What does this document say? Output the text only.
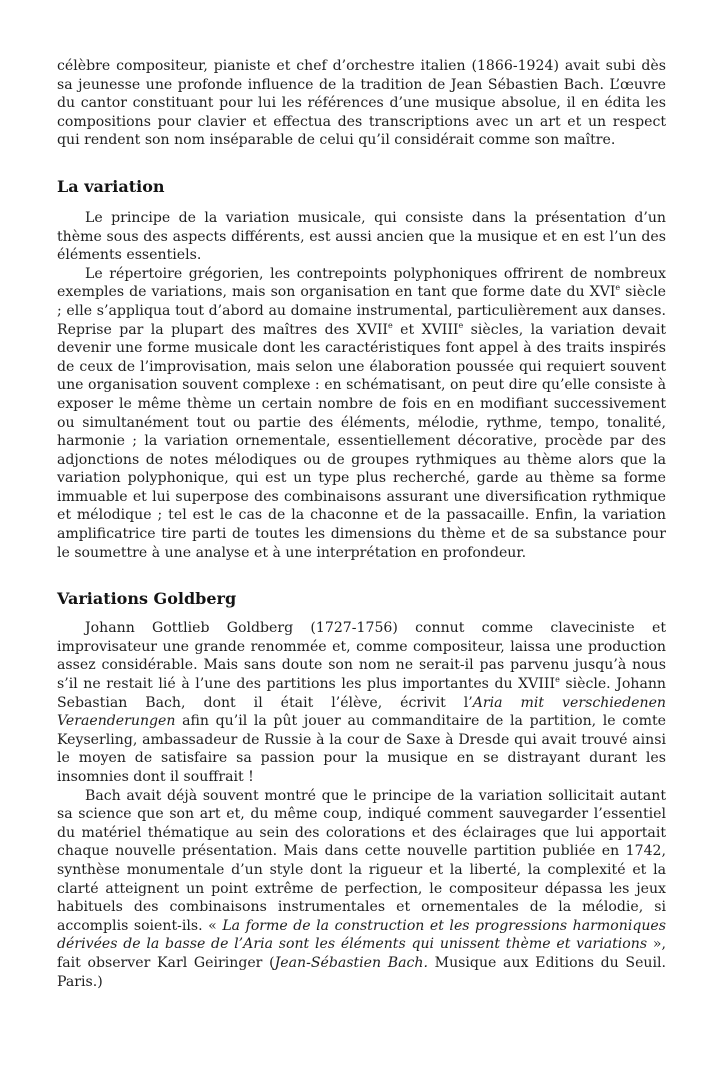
célèbre compositeur, pianiste et chef d’orchestre italien (1866-1924) avait subi dès sa jeunesse une profonde influence de la tradition de Jean Sébastien Bach. L’œuvre du cantor constituant pour lui les références d’une musique absolue, il en édita les compositions pour clavier et effectua des transcriptions avec un art et un respect qui rendent son nom inséparable de celui qu’il considérait comme son maître.

La variation

Le principe de la variation musicale, qui consiste dans la présentation d’un thème sous des aspects différents, est aussi ancien que la musique et en est l’un des éléments essentiels.

Le répertoire grégorien, les contrepoints polyphoniques offrirent de nombreux exemples de variations, mais son organisation en tant que forme date du XVIe siècle ; elle s’appliqua tout d’abord au domaine instrumental, particulièrement aux danses. Reprise par la plupart des maîtres des XVIIe et XVIIIe siècles, la variation devait devenir une forme musicale dont les caractéristiques font appel à des traits inspirés de ceux de l’improvisation, mais selon une élaboration poussée qui requiert souvent une organisation souvent complexe : en schématisant, on peut dire qu’elle consiste à exposer le même thème un certain nombre de fois en en modifiant successivement ou simultanément tout ou partie des éléments, mélodie, rythme, tempo, tonalité, harmonie ; la variation ornementale, essentiellement décorative, procède par des adjonctions de notes mélodiques ou de groupes rythmiques au thème alors que la variation polyphonique, qui est un type plus recherché, garde au thème sa forme immuable et lui superpose des combinaisons assurant une diversification rythmique et mélodique ; tel est le cas de la chaconne et de la passacaille. Enfin, la variation amplificatrice tire parti de toutes les dimensions du thème et de sa substance pour le soumettre à une analyse et à une interprétation en profondeur.

Variations Goldberg

Johann Gottlieb Goldberg (1727-1756) connut comme claveciniste et improvisateur une grande renommée et, comme compositeur, laissa une production assez considérable. Mais sans doute son nom ne serait-il pas parvenu jusqu’à nous s’il ne restait lié à l’une des partitions les plus importantes du XVIIIe siècle. Johann Sebastian Bach, dont il était l’élève, écrivit l’Aria mit verschiedenen Veraenderungen afin qu’il la pût jouer au commanditaire de la partition, le comte Keyserling, ambassadeur de Russie à la cour de Saxe à Dresde qui avait trouvé ainsi le moyen de satisfaire sa passion pour la musique en se distrayant durant les insomnies dont il souffrait !

Bach avait déjà souvent montré que le principe de la variation sollicitait autant sa science que son art et, du même coup, indiqué comment sauvegarder l’essentiel du matériel thématique au sein des colorations et des éclairages que lui apportait chaque nouvelle présentation. Mais dans cette nouvelle partition publiée en 1742, synthèse monumentale d’un style dont la rigueur et la liberté, la complexité et la clarté atteignent un point extrême de perfection, le compositeur dépassa les jeux habituels des combinaisons instrumentales et ornementales de la mélodie, si accomplis soient-ils. « La forme de la construction et les progressions harmoniques dérivées de la basse de l’Aria sont les éléments qui unissent thème et variations », fait observer Karl Geiringer (Jean-Sébastien Bach. Musique aux Editions du Seuil. Paris.)
